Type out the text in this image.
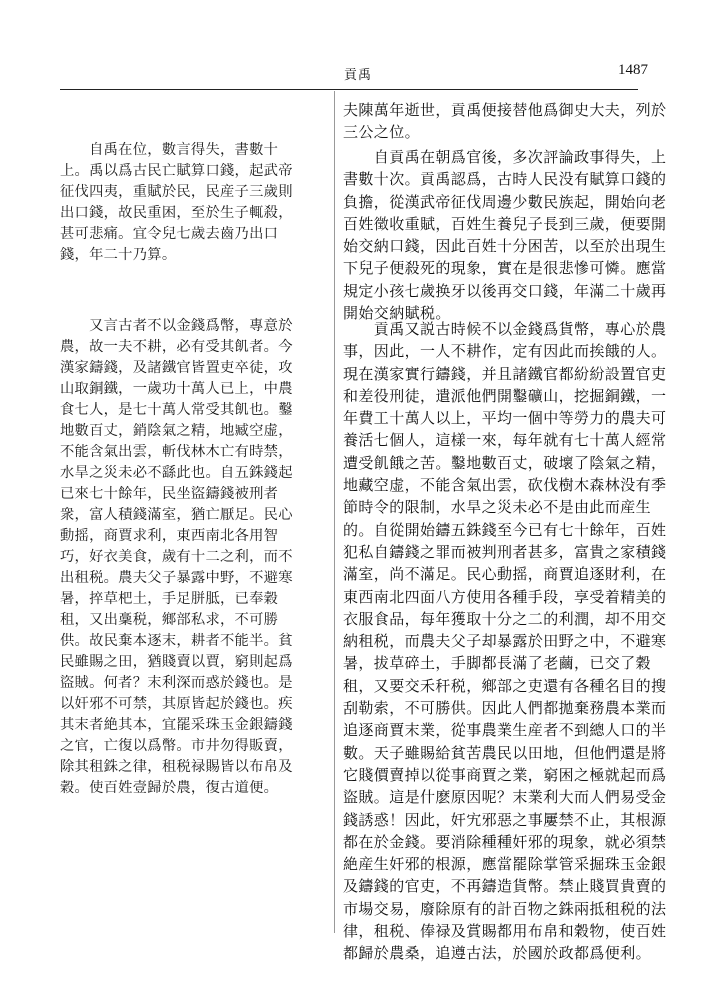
貢禹	1487
　　自禹在位，數言得失，書數十
上。禹以爲古民亡賦算口錢，起武帝
征伐四夷，重賦於民，民産子三歲則
出口錢，故民重困，至於生子輒殺，
甚可悲痛。宜令兒七歲去齒乃出口
錢，年二十乃算。
　　又言古者不以金錢爲幣，專意於
農，故一夫不耕，必有受其飢者。今
漢家鑄錢，及諸鐵官皆置吏卒徒，攻
山取銅鐵，一歲功十萬人已上，中農
食七人，是七十萬人常受其飢也。鑿
地數百丈，銷陰氣之精，地臧空虚，
不能含氣出雲，斬伐林木亡有時禁，
水旱之災未必不繇此也。自五銖錢起
已來七十餘年，民坐盜鑄錢被刑者
衆，富人積錢滿室，猶亡厭足。民心
動摇，商賈求利，東西南北各用智
巧，好衣美食，歲有十二之利，而不
出租税。農夫父子暴露中野，不避寒
暑，捽草杷土，手足胼胝，已奉穀
租，又出稾税，鄉部私求，不可勝
供。故民棄本逐末，耕者不能半。貧
民雖賜之田，猶賤賣以賈，窮則起爲
盜賊。何者？末利深而惑於錢也。是
以奸邪不可禁，其原皆起於錢也。疾
其末者絶其本，宜罷采珠玉金銀鑄錢
之官，亡復以爲幣。市井勿得販賣，
除其租銖之律，租税禄賜皆以布帛及
穀。使百姓壹歸於農，復古道便。
夫陳萬年逝世，貢禹便接替他爲御史大夫，列於
三公之位。
　　自貢禹在朝爲官後，多次評論政事得失，上
書數十次。貢禹認爲，古時人民没有賦算口錢的
負擔，從漢武帝征伐周邊少數民族起，開始向老
百姓徵收重賦，百姓生養兒子長到三歲，便要開
始交納口錢，因此百姓十分困苦，以至於出現生
下兒子便殺死的現象，實在是很悲慘可憐。應當
規定小孩七歲换牙以後再交口錢，年滿二十歲再
開始交納賦税。
　　貢禹又説古時候不以金錢爲貨幣，專心於農
事，因此，一人不耕作，定有因此而挨餓的人。
現在漢家實行鑄錢，并且諸鐵官都紛紛設置官吏
和差役刑徒，遣派他們開鑿礦山，挖掘銅鐵，一
年費工十萬人以上，平均一個中等勞力的農夫可
養活七個人，這樣一來，每年就有七十萬人經常
遭受飢餓之苦。鑿地數百丈，破壞了陰氣之精，
地藏空虚，不能含氣出雲，砍伐樹木森林没有季
節時令的限制，水旱之災未必不是由此而産生
的。自從開始鑄五銖錢至今已有七十餘年，百姓
犯私自鑄錢之罪而被判刑者甚多，富貴之家積錢
滿室，尚不滿足。民心動摇，商賈追逐財利，在
東西南北四面八方使用各種手段，享受着精美的
衣服食品，每年獲取十分之二的利潤，却不用交
納租税，而農夫父子却暴露於田野之中，不避寒
暑，拔草碎土，手脚都長滿了老繭，已交了穀
租，又要交禾秆税，鄉部之吏還有各種名目的搜
刮勒索，不可勝供。因此人們都拋棄務農本業而
追逐商賈末業，從事農業生産者不到總人口的半
數。天子雖賜給貧苦農民以田地，但他們還是將
它賤價賣掉以從事商賈之業，窮困之極就起而爲
盜賊。這是什麽原因呢？末業利大而人們易受金
錢誘惑！因此，奸宄邪惡之事屢禁不止，其根源
都在於金錢。要消除種種奸邪的現象，就必須禁
絶産生奸邪的根源，應當罷除掌管采掘珠玉金銀
及鑄錢的官吏，不再鑄造貨幣。禁止賤買貴賣的
市場交易，廢除原有的計百物之銖兩抵租税的法
律，租税、俸禄及賞賜都用布帛和穀物，使百姓
都歸於農桑，追遵古法，於國於政都爲便利。
